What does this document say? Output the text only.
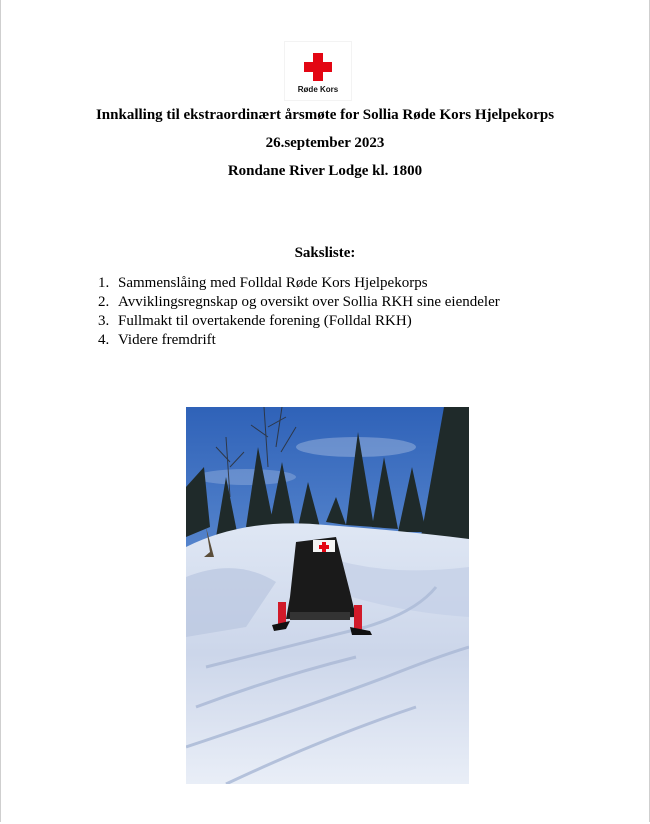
Røde Kors
Innkalling til ekstraordinært årsmøte for Sollia Røde Kors Hjelpekorps
26.september 2023
Rondane River Lodge kl. 1800
Saksliste:
1. Sammenslåing med Folldal Røde Kors Hjelpekorps
2. Avviklingsregnskap og oversikt over Sollia RKH sine eiendeler
3. Fullmakt til overtakende forening (Folldal RKH)
4. Videre fremdrift
